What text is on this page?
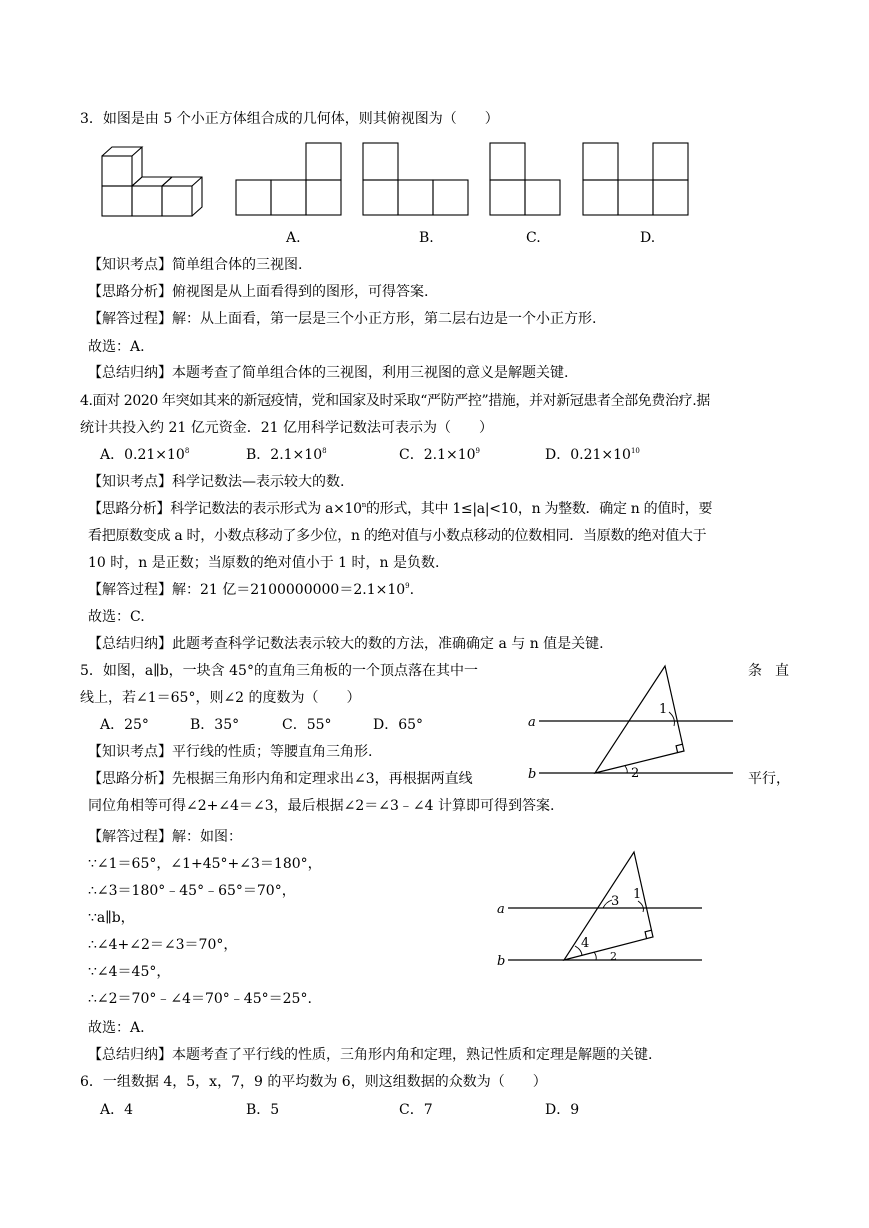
3．如图是由 5 个小正方体组合成的几何体，则其俯视图为（　　）
A.	B.	C.	D.
【知识考点】简单组合体的三视图.
【思路分析】俯视图是从上面看得到的图形，可得答案.
【解答过程】解：从上面看，第一层是三个小正方形，第二层右边是一个小正方形.
故选：A.
【总结归纳】本题考查了简单组合体的三视图，利用三视图的意义是解题关键.
4.面对 2020 年突如其来的新冠疫情，党和国家及时采取“严防严控”措施，并对新冠患者全部免费治疗.据
统计共投入约 21 亿元资金．21 亿用科学记数法可表示为（　　）
A．$0.21\times 10^8$	B．$2.1\times 10^8$	C．$2.1\times 10^9$	D．$0.21\times 10^{10}$
【知识考点】科学记数法—表示较大的数.
【思路分析】科学记数法的表示形式为 $a\times 10^n$的形式，其中 1≤|a|<10，n 为整数．确定 n 的值时，要
看把原数变成 a 时，小数点移动了多少位，n 的绝对值与小数点移动的位数相同．当原数的绝对值大于
10 时，n 是正数；当原数的绝对值小于 1 时，n 是负数.
【解答过程】解：21 亿$=2100000000=2.1\times 10^9$.
故选：C.
【总结归纳】此题考查科学记数法表示较大的数的方法，准确确定 a 与 n 值是关键.
5．如图，a∥b，一块含 45°的直角三角板的一个顶点落在其中一	条 直
线上，若∠1＝65°，则∠2 的度数为（　　）
A．25°	B．35°	C．55°	D．65°
【知识考点】平行线的性质；等腰直角三角形.
【思路分析】先根据三角形内角和定理求出∠3，再根据两直线	平行，
同位角相等可得∠2+∠4＝∠3，最后根据∠2＝∠3﹣∠4 计算即可得到答案.
a
b
1
2
【解答过程】解：如图：
∵∠1＝65°，∠1+45°+∠3＝180°，
∴∠3＝180°﹣45°﹣65°＝70°，
∵a∥b，
∴∠4+∠2＝∠3＝70°，
∵∠4＝45°，
∴∠2＝70°﹣∠4＝70°﹣45°＝25°.
故选：A.
【总结归纳】本题考查了平行线的性质，三角形内角和定理，熟记性质和定理是解题的关键.
a
b
1
3
4
2
6．一组数据 4，5，x，7，9 的平均数为 6，则这组数据的众数为（　　）
A．4	B．5	C．7	D．9
